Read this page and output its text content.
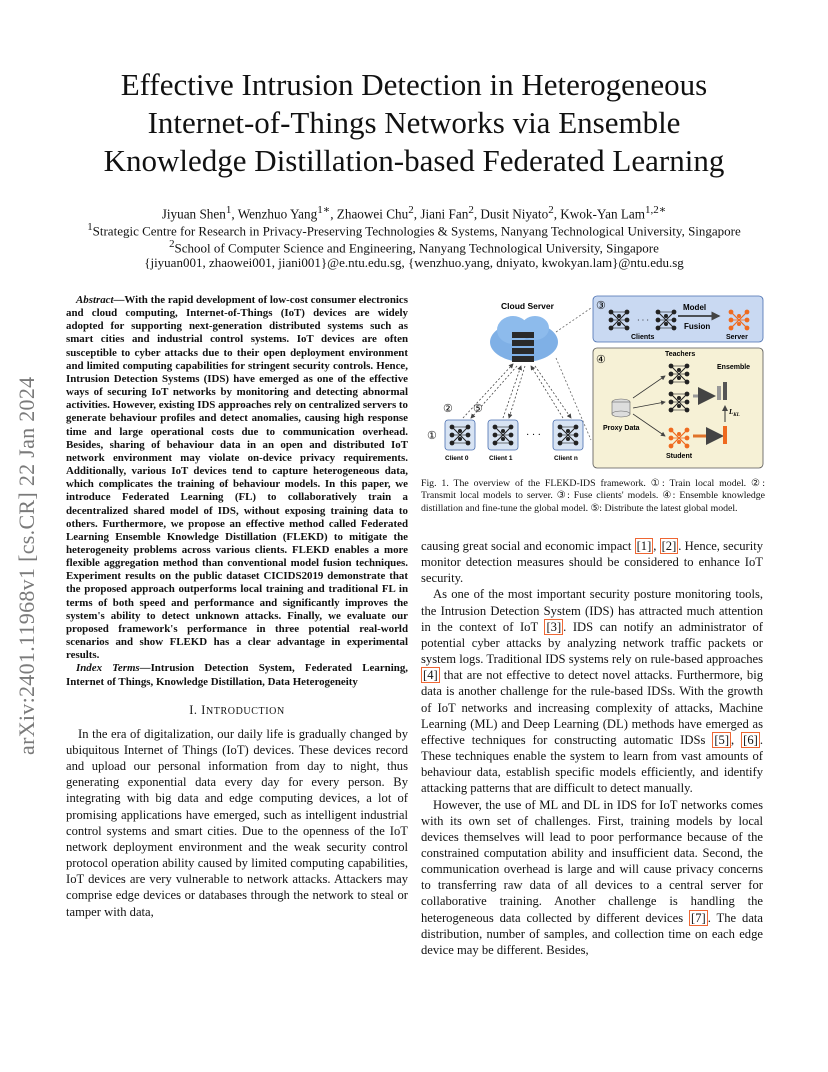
arXiv:2401.11968v1 [cs.CR] 22 Jan 2024
Effective Intrusion Detection in Heterogeneous
Internet-of-Things Networks via Ensemble
Knowledge Distillation-based Federated Learning
Jiyuan Shen$^1$, Wenzhuo Yang$^{1∗}$, Zhaowei Chu$^2$, Jiani Fan$^2$, Dusit Niyato$^2$, Kwok-Yan Lam$^{1,2∗}$
$^1$Strategic Centre for Research in Privacy-Preserving Technologies & Systems, Nanyang Technological University, Singapore
$^2$School of Computer Science and Engineering, Nanyang Technological University, Singapore
{jiyuan001, zhaowei001, jiani001}@e.ntu.edu.sg, {wenzhuo.yang, dniyato, kwokyan.lam}@ntu.edu.sg

Abstract—With the rapid development of low-cost consumer electronics and cloud computing, Internet-of-Things (IoT) devices are widely adopted for supporting next-generation distributed systems such as smart cities and industrial control systems. IoT devices are often susceptible to cyber attacks due to their open deployment environment and limited computing capabilities for stringent security controls. Hence, Intrusion Detection Systems (IDS) have emerged as one of the effective ways of securing IoT networks by monitoring and detecting abnormal activities. However, existing IDS approaches rely on centralized servers to generate behaviour profiles and detect anomalies, causing high response time and large operational costs due to communication overhead. Besides, sharing of behaviour data in an open and distributed IoT network environment may violate on-device privacy requirements. Additionally, various IoT devices tend to capture heterogeneous data, which complicates the training of behaviour models. In this paper, we introduce Federated Learning (FL) to collaboratively train a decentralized shared model of IDS, without exposing training data to others. Furthermore, we propose an effective method called Federated Learning Ensemble Knowledge Distillation (FLEKD) to mitigate the heterogeneity problems across various clients. FLEKD enables a more flexible aggregation method than conventional model fusion techniques. Experiment results on the public dataset CICIDS2019 demonstrate that the proposed approach outperforms local training and traditional FL in terms of both speed and performance and significantly improves the system's ability to detect unknown attacks. Finally, we evaluate our proposed framework's performance in three potential real-world scenarios and show FLEKD has a clear advantage in experimental results.

Index Terms—Intrusion Detection System, Federated Learning, Internet of Things, Knowledge Distillation, Data Heterogeneity

I. INTRODUCTION

In the era of digitalization, our daily life is gradually changed by ubiquitous Internet of Things (IoT) devices. These devices record and upload our personal information from day to night, thus generating exponential data every day for every person. By integrating with big data and edge computing devices, a lot of promising applications have emerged, such as intelligent industrial control systems and smart cities. Due to the openness of the IoT network deployment environment and the weak security control protocol operation ability caused by limited computing capabilities, IoT devices are very vulnerable to network attacks. Attackers may comprise edge devices or databases through the network to steal or tamper with data,

Cloud Server	③
· · ·
Clients
Model
Fusion
Server
④	Teachers
Ensemble
$L_{KL}$
Proxy Data
Student
· · ·
Client 0	Client 1	Client n
①
② ⑤
Fig. 1. The overview of the FLEKD-IDS framework. ①: Train local model. ②: Transmit local models to server. ③: Fuse clients' models. ④: Ensemble knowledge distillation and fine-tune the global model. ⑤: Distribute the latest global model.

causing great social and economic impact [1] , [2] . Hence, security monitor detection measures should be considered to enhance IoT security.

As one of the most important security posture monitoring tools, the Intrusion Detection System (IDS) has attracted much attention in the context of IoT [3] . IDS can notify an administrator of potential cyber attacks by analyzing network traffic packets or system logs. Traditional IDS systems rely on rule-based approaches [4] that are not effective to detect novel attacks. Furthermore, big data is another challenge for the rule-based IDSs. With the growth of IoT networks and increasing complexity of attacks, Machine Learning (ML) and Deep Learning (DL) methods have emerged as effective techniques for constructing automatic IDSs [5] , [6] . These techniques enable the system to learn from vast amounts of behaviour data, establish specific models efficiently, and identify attacking patterns that are difficult to detect manually.

However, the use of ML and DL in IDS for IoT networks comes with its own set of challenges. First, training models by local devices themselves will lead to poor performance because of the constrained computation ability and insufficient data. Second, the communication overhead is large and will cause privacy concerns to transferring raw data of all devices to a central server for collaborative training. Another challenge is handling the heterogeneous data collected by different devices [7] . The data distribution, number of samples, and collection time on each edge device may be different. Besides,
